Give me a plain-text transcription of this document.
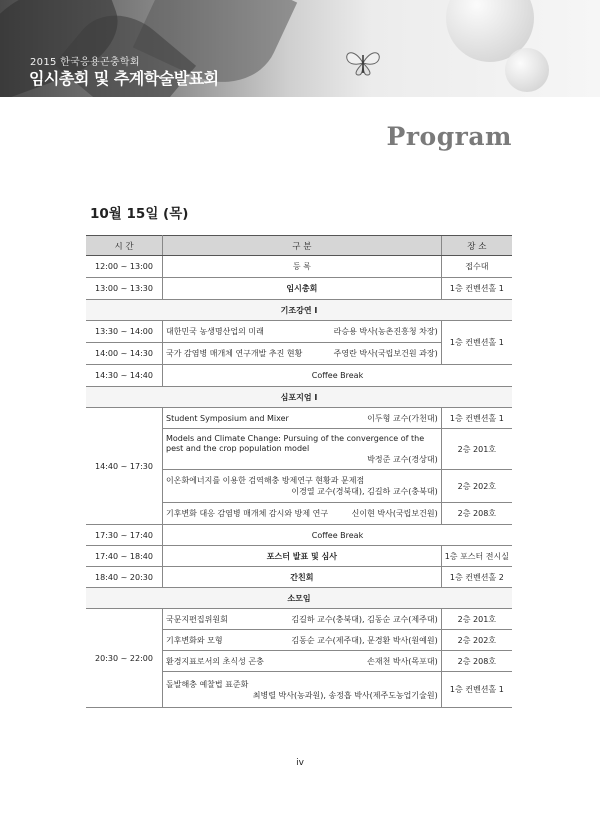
2015 한국응용곤충학회
임시총회 및 추계학술발표회
Program
10월 15일 (목)
시 간	구 분	장 소
12:00 ~ 13:00	등 록	접수대
13:00 ~ 13:30	임시총회	1층 컨벤션홀 1
기조강연 Ⅰ		
13:30 ~ 14:00	대한민국 농생명산업의 미래 라승용 박사(농촌진흥청 차장)	1층 컨벤션홀 1
14:00 ~ 14:30	국가 감염병 매개체 연구개발 추진 현황 주영란 박사(국립보건원 과장)	

14:30 ~ 14:40	Coffee Break	
심포지엄 Ⅰ		
14:40 ~ 17:30	Student Symposium and Mixer 이두형 교수(가천대)	1층 컨벤션홀 1

	Models and Climate Change: Pursuing of the convergence of the pest and the crop population model
박정준 교수(경상대)	2층 201호

	이온화에너지를 이용한 검역해충 방제연구 현황과 문제점
이경열 교수(경북대), 김길하 교수(충북대)	2층 202호

	기후변화 대응 감염병 매개체 감시와 방제 연구 신이현 박사(국립보건원)	2층 208호
17:30 ~ 17:40	Coffee Break	
17:40 ~ 18:40	포스터 발표 및 심사	1층 포스터 전시실
18:40 ~ 20:30	간친회	1층 컨벤션홀 2
소모임		
20:30 ~ 22:00	국문지편집위원회 김길하 교수(충북대), 김동순 교수(제주대)	2층 201호

	기후변화와 모형 김동순 교수(제주대), 문경환 박사(원예원)	2층 202호

	환경지표로서의 초식성 곤충 손재천 박사(목포대)	2층 208호

	돌발해충 예찰법 표준화
최병렬 박사(농과원), 송정흡 박사(제주도농업기술원)	1층 컨벤션홀 1
iv
